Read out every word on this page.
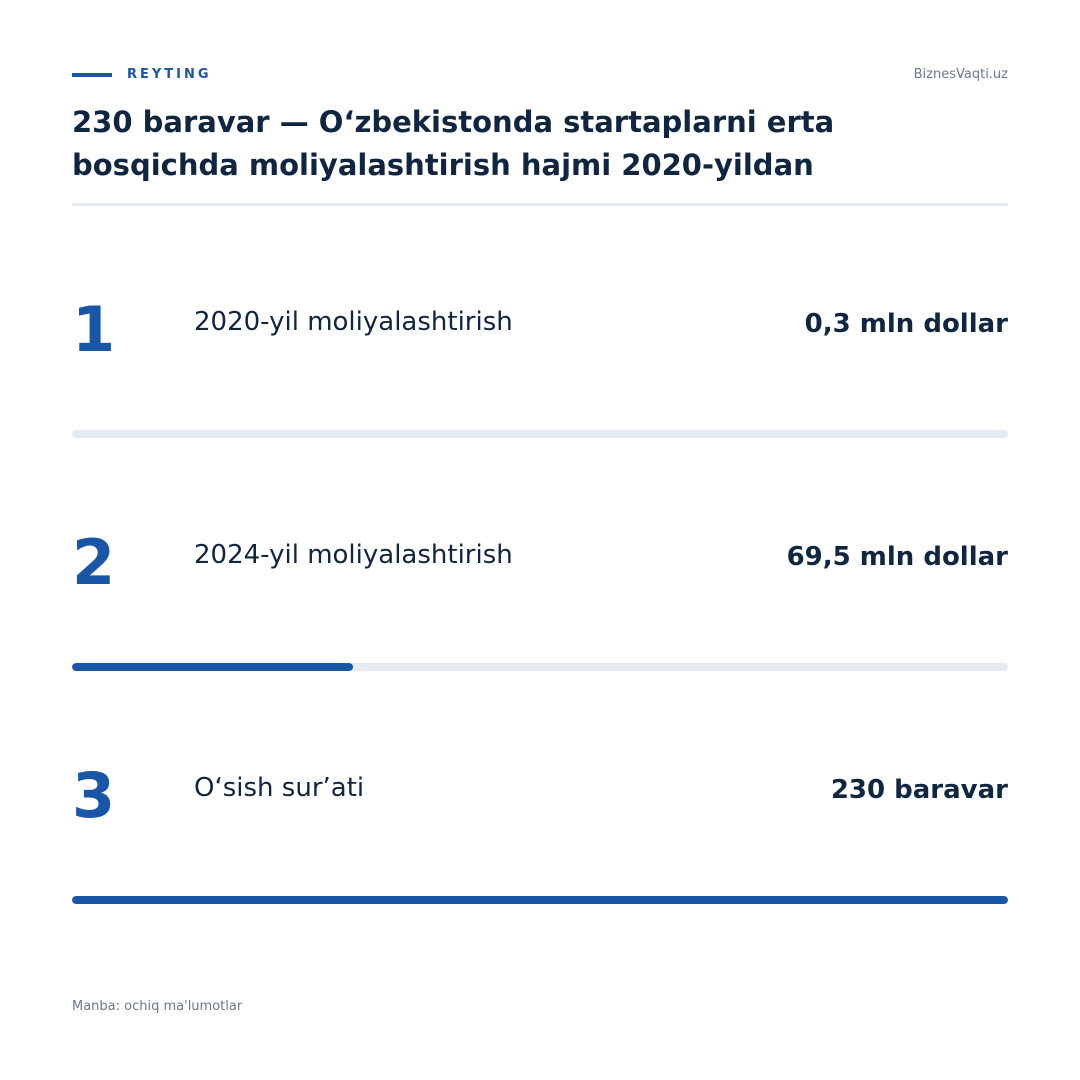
REYTING	BiznesVaqti.uz
230 baravar — O‘zbekistonda startaplarni erta bosqichda moliyalashtirish hajmi 2020-yildan
1	2020-yil moliyalashtirish	0,3 mln dollar
2	2024-yil moliyalashtirish	69,5 mln dollar
3	O‘sish sur’ati	230 baravar
Manba: ochiq ma'lumotlar
